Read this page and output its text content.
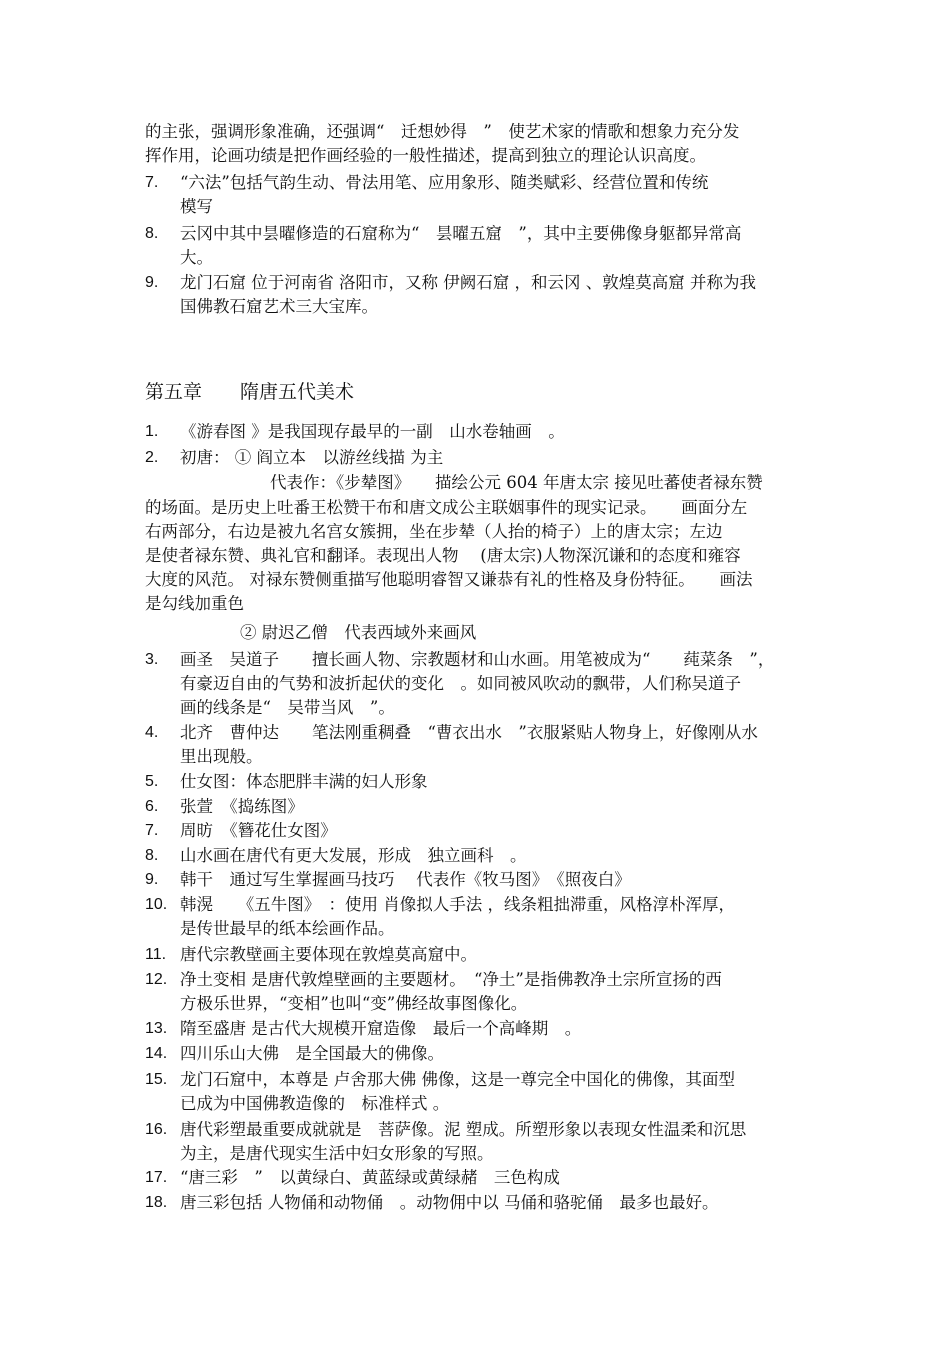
的主张，强调形象准确，还强调“　迁想妙得　”　使艺术家的情歌和想象力充分发
挥作用，论画功绩是把作画经验的一般性描述，提高到独立的理论认识高度。
7.	“六法”包括气韵生动、骨法用笔、应用象形、随类赋彩、经营位置和传统
模写
8.	云冈中其中昙曜修造的石窟称为“　昙曜五窟　”，其中主要佛像身躯都异常高
大。
9.	龙门石窟 位于河南省 洛阳市，又称 伊阙石窟 ，和云冈 、敦煌莫高窟 并称为我
国佛教石窟艺术三大宝库。
第五章　　隋唐五代美术
1.	《游春图 》是我国现存最早的一副　山水卷轴画　。
2.	初唐： ① 阎立本　以游丝线描 为主
代表作：《步辇图》　　描绘公元 604 年唐太宗 接见吐蕃使者禄东赞
的场面。是历史上吐番王松赞干布和唐文成公主联姻事件的现实记录。　　画面分左
右两部分，右边是被九名宫女簇拥，坐在步辇（人抬的椅子）上的唐太宗；左边
是使者禄东赞、典礼官和翻译。表现出人物　 (唐太宗)人物深沉谦和的态度和雍容
大度的风范。 对禄东赞侧重描写他聪明睿智又谦恭有礼的性格及身份特征。　　画法
是勾线加重色
② 尉迟乙僧　代表西域外来画风
3.	画圣　吴道子　　擅长画人物、宗教题材和山水画。用笔被成为“　　莼菜条　”，
有豪迈自由的气势和波折起伏的变化　。如同被风吹动的飘带，人们称吴道子
画的线条是“　吴带当风　”。
4.	北齐　曹仲达　　笔法刚重稠叠　“曹衣出水　”衣服紧贴人物身上，好像刚从水
里出现般。
5.	仕女图：体态肥胖丰满的妇人形象
6.	张萱　《捣练图》
7.	周昉　《簪花仕女图》
8.	山水画在唐代有更大发展，形成　独立画科　。
9.	韩干　通过写生掌握画马技巧　 代表作《牧马图》　《照夜白》
10. 韩滉　　《五牛图》　：使用 肖像拟人手法 ，线条粗拙滞重，风格淳朴浑厚，
是传世最早的纸本绘画作品。
11. 唐代宗教壁画主要体现在敦煌莫高窟中。
12. 净土变相 是唐代敦煌壁画的主要题材。　“净土”是指佛教净土宗所宣扬的西
方极乐世界，“变相”也叫“变”佛经故事图像化。
13. 隋至盛唐 是古代大规模开窟造像　最后一个高峰期　。
14. 四川乐山大佛　是全国最大的佛像。
15. 龙门石窟中，本尊是 卢舍那大佛 佛像，这是一尊完全中国化的佛像，其面型
已成为中国佛教造像的　标准样式 。
16. 唐代彩塑最重要成就就是　菩萨像。泥 塑成。所塑形象以表现女性温柔和沉思
为主，是唐代现实生活中妇女形象的写照。
17. “唐三彩　”　以黄绿白、黄蓝绿或黄绿赭　三色构成
18. 唐三彩包括 人物俑和动物俑　。动物佣中以 马俑和骆驼俑　最多也最好。
